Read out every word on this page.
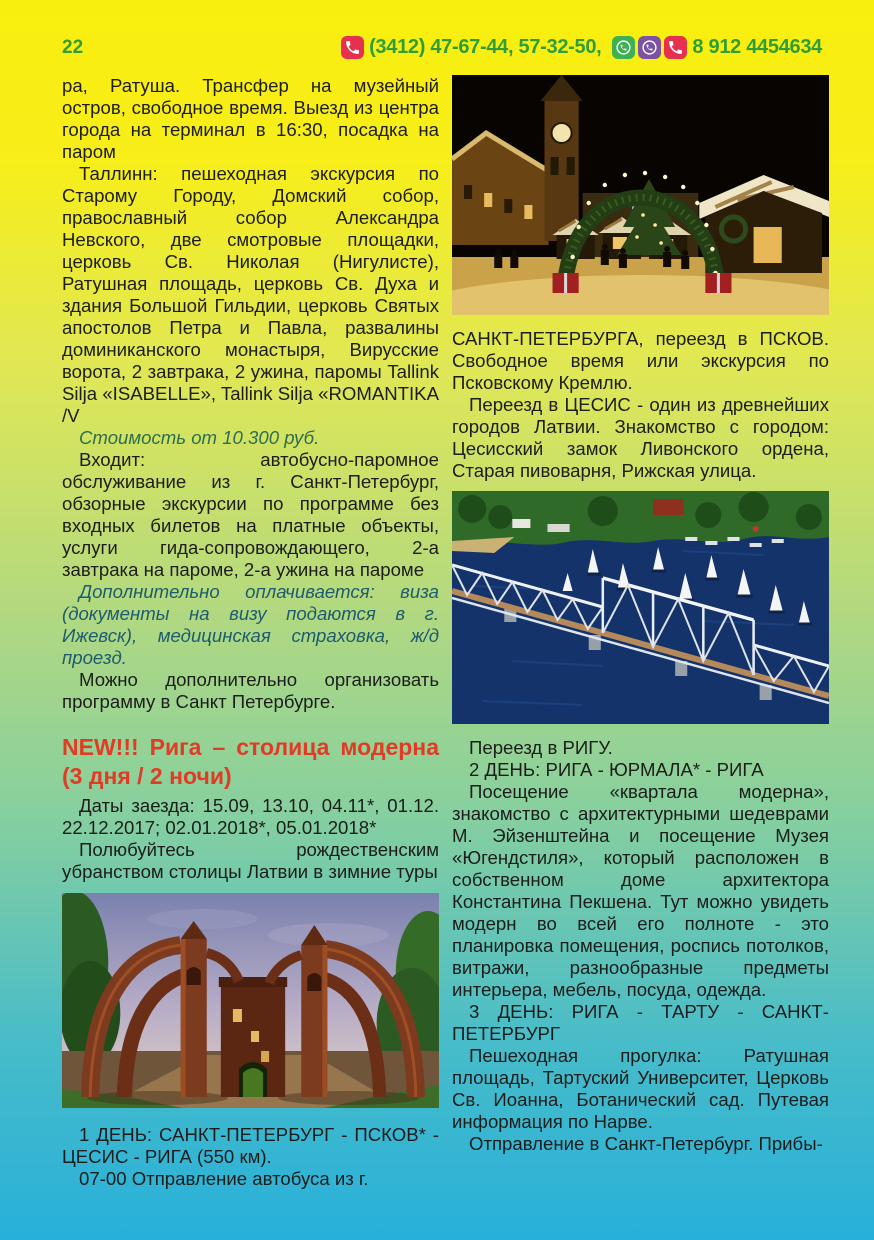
22	(3412) 47-67-44, 57-32-50,	8 912 4454634

ра, Ратуша. Трансфер на музейный остров, свободное время. Выезд из центра города на терминал в 16:30, посадка на паром

Таллинн: пешеходная экскурсия по Старому Городу, Домский собор, православный собор Александра Невского, две смотровые площадки, церковь Св. Николая (Нигулисте), Ратушная площадь, церковь Св. Духа и здания Большой Гильдии, церковь Святых апостолов Петра и Павла, развалины доминиканского монастыря, Вирусские ворота, 2 завтрака, 2 ужина, паромы Tallink Silja «ISABELLE», Tallink Silja «ROMANTIKA /V

Стоимость от 10.300 руб.

Входит: автобусно-паромное обслуживание из г. Санкт-Петербург, обзорные экскурсии по программе без входных билетов на платные объекты, услуги гида-сопровождающего, 2-а завтрака на пароме, 2-а ужина на пароме

Дополнительно оплачивается: виза (документы на визу подаются в г. Ижевск), медицинская страховка, ж/д проезд.

Можно дополнительно организовать программу в Санкт Петербурге.

NEW!!! Рига – столица модерна (3 дня / 2 ночи)

Даты заезда: 15.09, 13.10, 04.11*, 01.12. 22.12.2017; 02.01.2018*, 05.01.2018*

Полюбуйтесь рождественским убранством столицы Латвии в зимние туры

1 ДЕНЬ: САНКТ-ПЕТЕРБУРГ - ПСКОВ* - ЦЕСИС - РИГА (550 км).

07-00 Отправление автобуса из г.

САНКТ-ПЕТЕРБУРГА, переезд в ПСКОВ. Свободное время или экскурсия по Псковскому Кремлю.

Переезд в ЦЕСИС - один из древнейших городов Латвии. Знакомство с городом: Цесисский замок Ливонского ордена, Старая пивоварня, Рижская улица.

Переезд в РИГУ.

2 ДЕНЬ: РИГА - ЮРМАЛА* - РИГА

Посещение «квартала модерна», знакомство с архитектурными шедеврами М. Эйзенштейна и посещение Музея «Югендстиля», который расположен в собственном доме архитектора Константина Пекшена. Тут можно увидеть модерн во всей его полноте - это планировка помещения, роспись потолков, витражи, разнообразные предметы интерьера, мебель, посуда, одежда.

3 ДЕНЬ: РИГА - ТАРТУ - САНКТ-ПЕТЕРБУРГ

Пешеходная прогулка: Ратушная площадь, Тартуский Университет, Церковь Св. Иоанна, Ботанический сад. Путевая информация по Нарве.

Отправление в Санкт-Петербург. Прибы-
